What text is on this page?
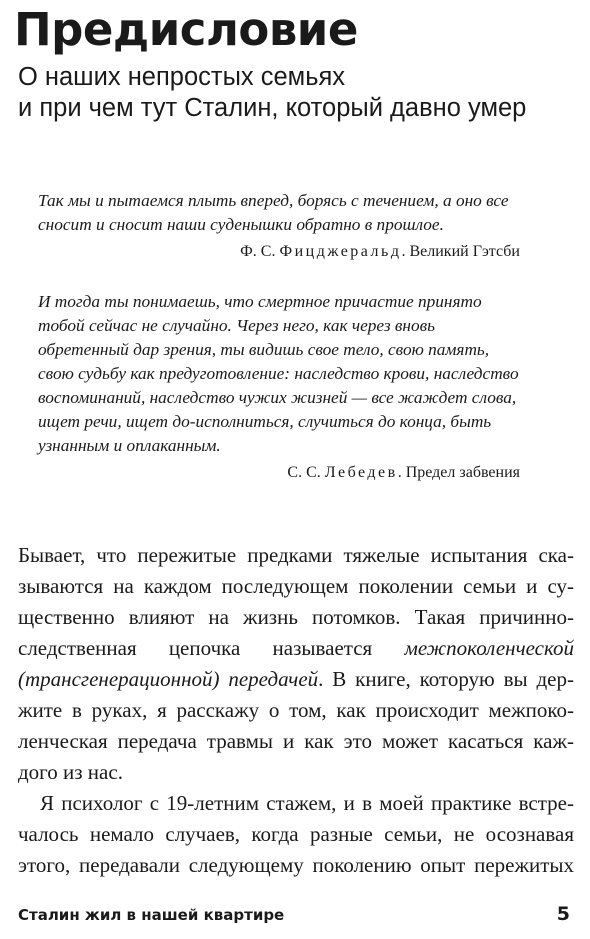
Предисловие
О наших непростых семьях
и при чем тут Сталин, который давно умер
Так мы и пытаемся плыть вперед, борясь с течением, а оно все
сносит и сносит наши суденышки обратно в прошлое.
Ф. С. Фицджеральд. Великий Гэтсби
И тогда ты понимаешь, что смертное причастие принято
тобой сейчас не случайно. Через него, как через вновь
обретенный дар зрения, ты видишь свое тело, свою память,
свою судьбу как предуготовление: наследство крови, наследство
воспоминаний, наследство чужих жизней — все жаждет слова,
ищет речи, ищет до-исполниться, случиться до конца, быть
узнанным и оплаканным.
С. С. Лебедев. Предел забвения
Бывает, что пережитые предками тяжелые испытания ска-
зываются на каждом последующем поколении семьи и су-
щественно влияют на жизнь потомков. Такая причинно-
следственная цепочка называется межпоколенческой
(трансгенерационной) передачей. В книге, которую вы дер-
жите в руках, я расскажу о том, как происходит межпоко-
ленческая передача травмы и как это может касаться каж-
дого из нас.
Я психолог с 19-летним стажем, и в моей практике встре-
чалось немало случаев, когда разные семьи, не осознавая
этого, передавали следующему поколению опыт пережитых
Сталин жил в нашей квартире	5
